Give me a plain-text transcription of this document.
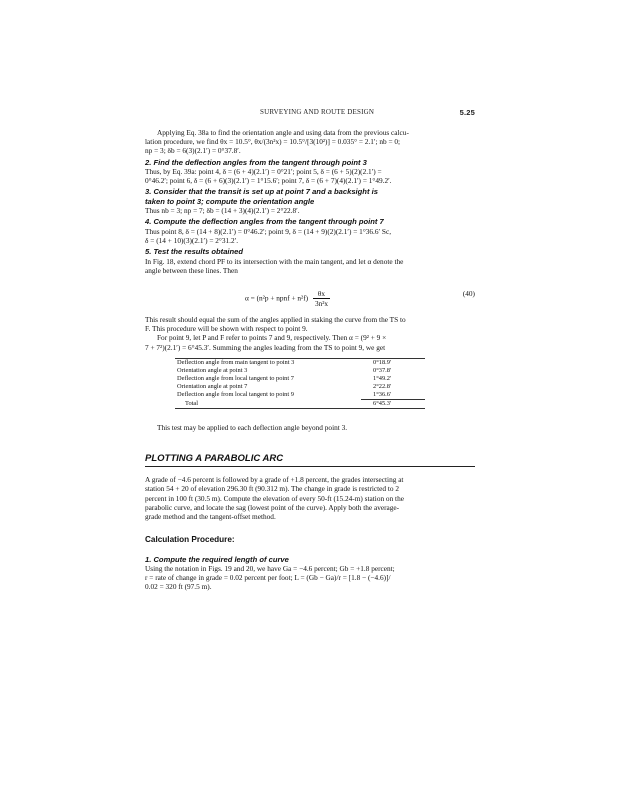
SURVEYING AND ROUTE DESIGN	5.25

Applying Eq. 38a to find the orientation angle and using data from the previous calcu-

lation procedure, we find θx = 10.5°, θx/(3n²x) = 10.5°/[3(10²)] = 0.035° = 2.1′; nb = 0;

np = 3; δb = 6(3)(2.1′) = 0°37.8′.

2. Find the deflection angles from the tangent through point 3

Thus, by Eq. 39a: point 4, δ = (6 + 4)(2.1′) = 0°21′; point 5, δ = (6 + 5)(2)(2.1′) =

0°46.2′; point 6, δ = (6 + 6)(3)(2.1′) = 1°15.6′; point 7, δ = (6 + 7)(4)(2.1′) = 1°49.2′.

3. Consider that the transit is set up at point 7 and a backsight is

taken to point 3; compute the orientation angle

Thus nb = 3; np = 7; δb = (14 + 3)(4)(2.1′) = 2°22.8′.

4. Compute the deflection angles from the tangent through point 7

Thus point 8, δ = (14 + 8)(2.1′) = 0°46.2′; point 9, δ = (14 + 9)(2)(2.1′) = 1°36.6′ Sc,

δ = (14 + 10)(3)(2.1′) = 2°31.2′.

5. Test the results obtained

In Fig. 18, extend chord PF to its intersection with the main tangent, and let α denote the

angle between these lines. Then

α = (n²p + npnf + $n^2f) \frac{\theta x}{\text{3n²x}}$	(40)

This result should equal the sum of the angles applied in staking the curve from the TS to

F. This procedure will be shown with respect to point 9.

For point 9, let P and F refer to points 7 and 9, respectively. Then α = (9² + 9 ×

7 + 7²)(2.1′) = 6°45.3′. Summing the angles leading from the TS to point 9, we get

Deflection angle from main tangent to point 3	0°18.9′
Orientation angle at point 3	0°37.8′
Deflection angle from local tangent to point 7	1°49.2′
Orientation angle at point 7	2°22.8′
Deflection angle from local tangent to point 9	1°36.6′
Total	6°45.3′

This test may be applied to each deflection angle beyond point 3.

PLOTTING A PARABOLIC ARC

A grade of −4.6 percent is followed by a grade of +1.8 percent, the grades intersecting at

station 54 + 20 of elevation 296.30 ft (90.312 m). The change in grade is restricted to 2

percent in 100 ft (30.5 m). Compute the elevation of every 50-ft (15.24-m) station on the

parabolic curve, and locate the sag (lowest point of the curve). Apply both the average-

grade method and the tangent-offset method.

Calculation Procedure:

1. Compute the required length of curve

Using the notation in Figs. 19 and 20, we have Ga = −4.6 percent; Gb = +1.8 percent;

r = rate of change in grade = 0.02 percent per foot; L = (Gb − Ga)/r = [1.8 − (−4.6)]/

0.02 = 320 ft (97.5 m).
